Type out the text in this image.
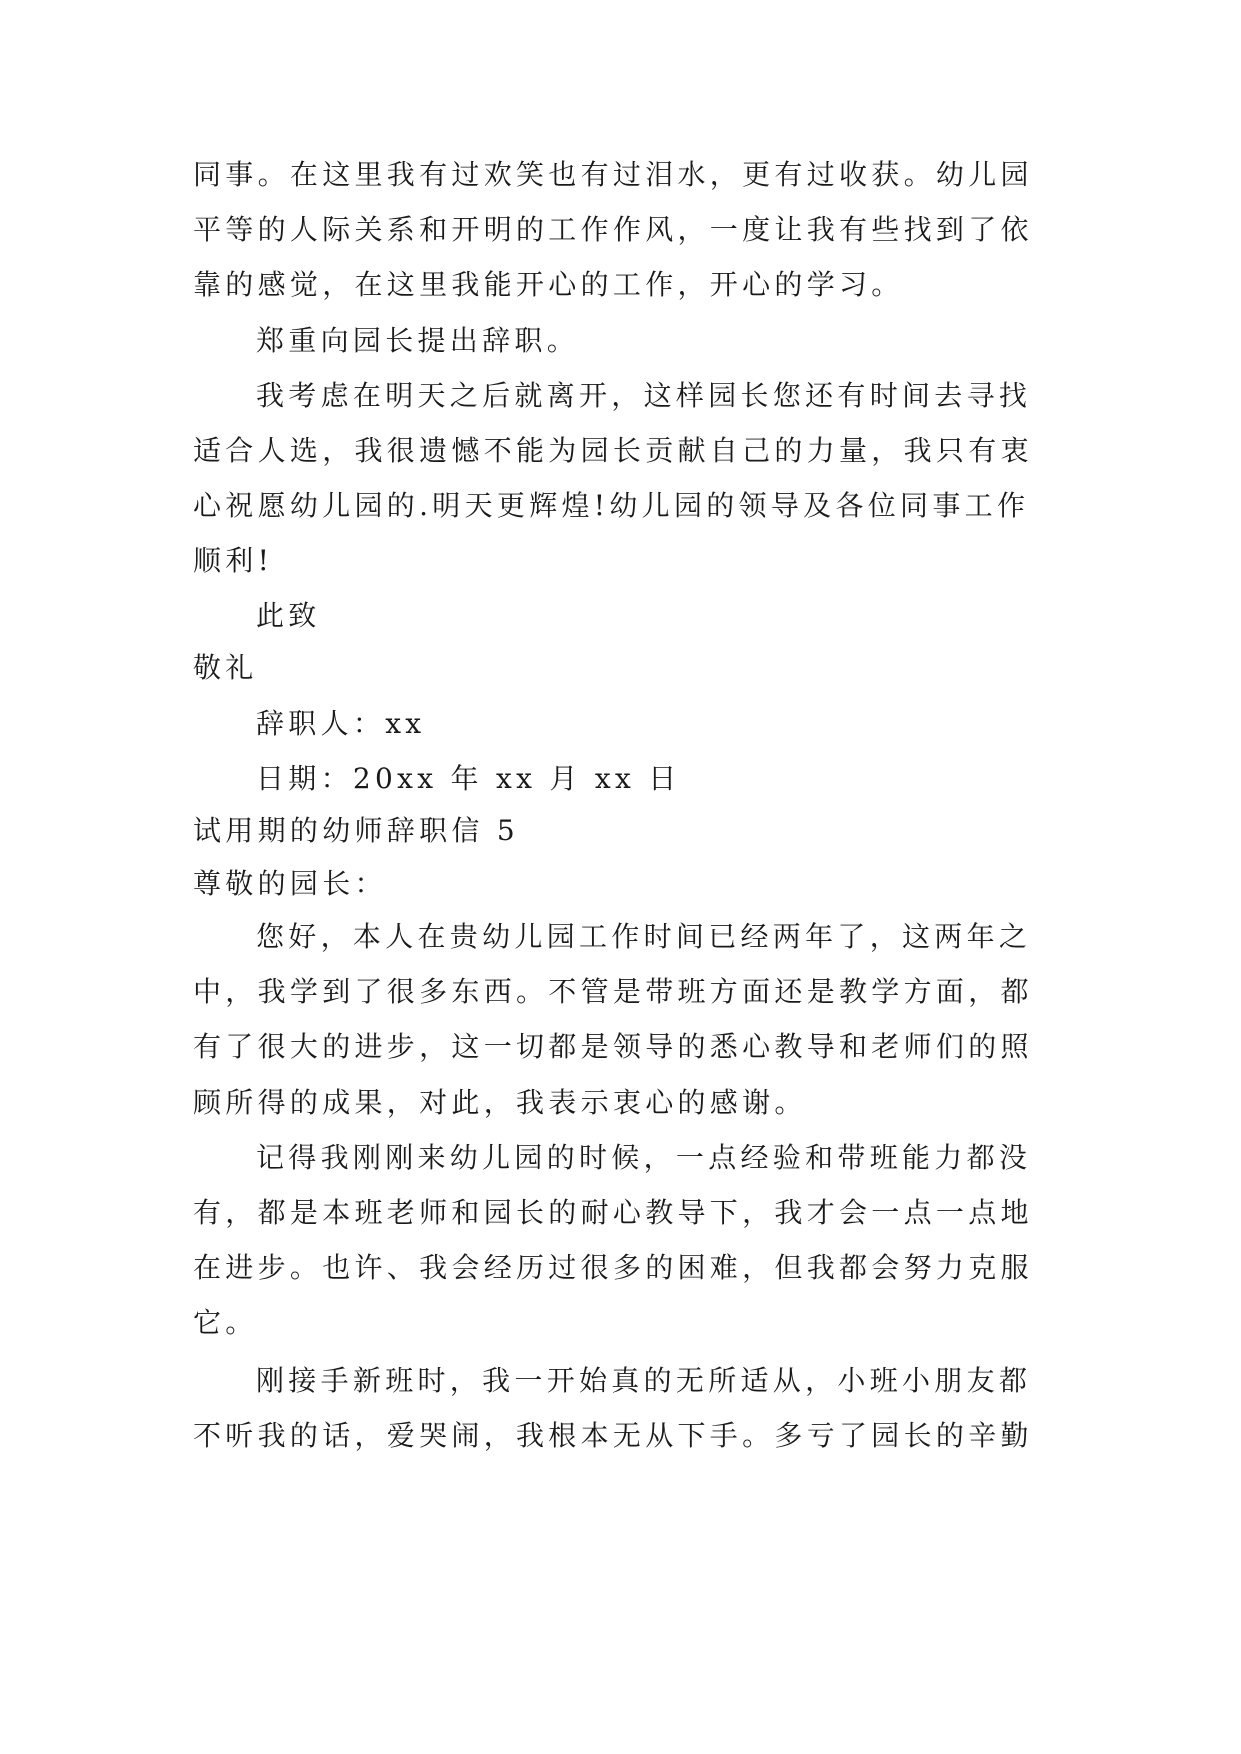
同事。在这里我有过欢笑也有过泪水，更有过收获。幼儿园
平等的人际关系和开明的工作作风，一度让我有些找到了依
靠的感觉，在这里我能开心的工作，开心的学习。
郑重向园长提出辞职。
我考虑在明天之后就离开，这样园长您还有时间去寻找
适合人选，我很遗憾不能为园长贡献自己的力量，我只有衷
心祝愿幼儿园的.明天更辉煌!幼儿园的领导及各位同事工作
顺利!
此致
敬礼
辞职人：xx
日期：20xx 年 xx 月 xx 日
试用期的幼师辞职信 5
尊敬的园长：
您好，本人在贵幼儿园工作时间已经两年了，这两年之
中，我学到了很多东西。不管是带班方面还是教学方面，都
有了很大的进步，这一切都是领导的悉心教导和老师们的照
顾所得的成果，对此，我表示衷心的感谢。
记得我刚刚来幼儿园的时候，一点经验和带班能力都没
有，都是本班老师和园长的耐心教导下，我才会一点一点地
在进步。也许、我会经历过很多的困难，但我都会努力克服
它。
刚接手新班时，我一开始真的无所适从，小班小朋友都
不听我的话，爱哭闹，我根本无从下手。多亏了园长的辛勤
